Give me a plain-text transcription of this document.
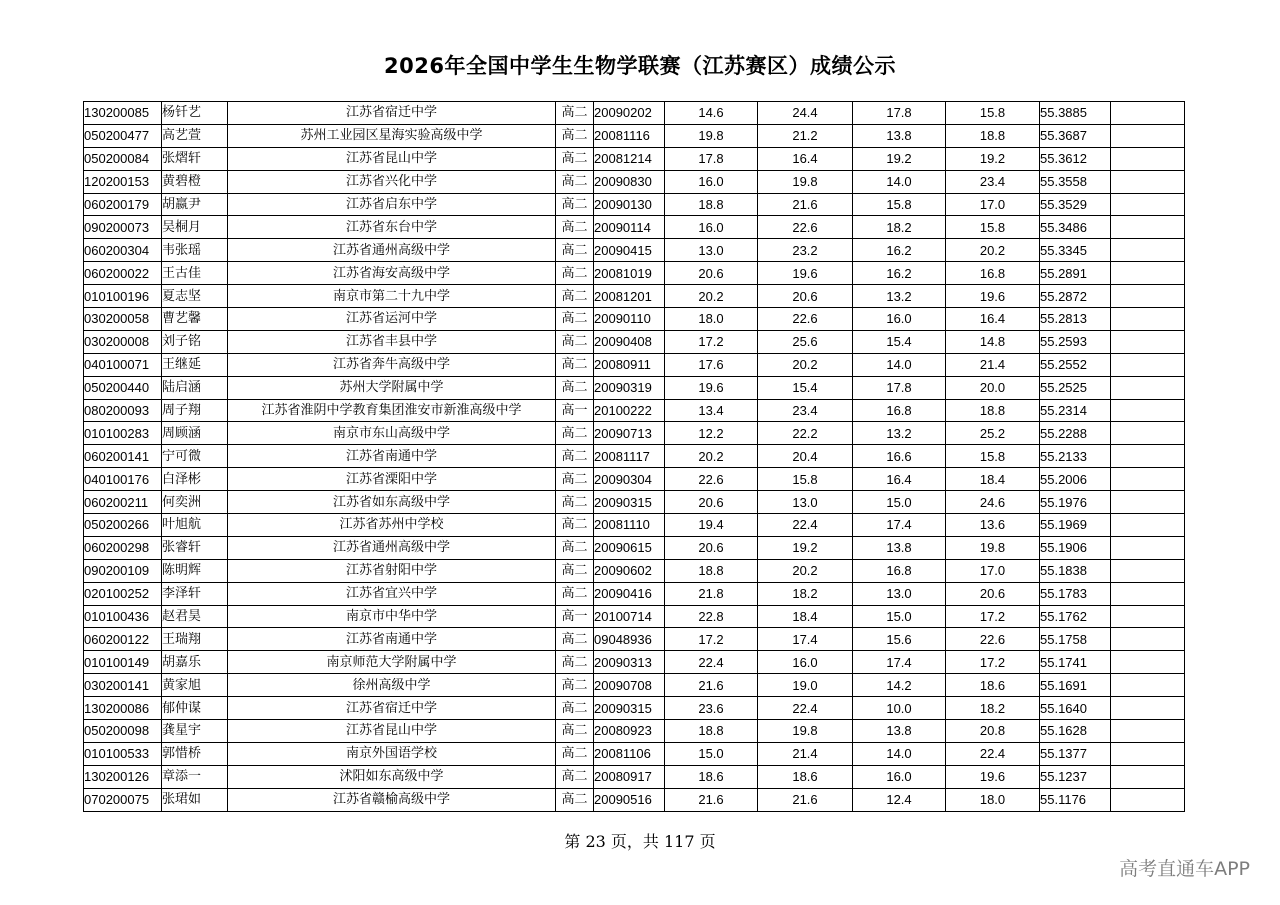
2026年全国中学生生物学联赛（江苏赛区）成绩公示
130200085	杨钎艺	江苏省宿迁中学	高二	20090202	14.6	24.4	17.8	15.8	55.3885	
050200477	高艺萱	苏州工业园区星海实验高级中学	高二	20081116	19.8	21.2	13.8	18.8	55.3687	
050200084	张熠轩	江苏省昆山中学	高二	20081214	17.8	16.4	19.2	19.2	55.3612	
120200153	黄碧橙	江苏省兴化中学	高二	20090830	16.0	19.8	14.0	23.4	55.3558	
060200179	胡嬴尹	江苏省启东中学	高二	20090130	18.8	21.6	15.8	17.0	55.3529	
090200073	吴桐月	江苏省东台中学	高二	20090114	16.0	22.6	18.2	15.8	55.3486	
060200304	韦张瑶	江苏省通州高级中学	高二	20090415	13.0	23.2	16.2	20.2	55.3345	
060200022	王古佳	江苏省海安高级中学	高二	20081019	20.6	19.6	16.2	16.8	55.2891	
010100196	夏志坚	南京市第二十九中学	高二	20081201	20.2	20.6	13.2	19.6	55.2872	
030200058	曹艺馨	江苏省运河中学	高二	20090110	18.0	22.6	16.0	16.4	55.2813	
030200008	刘子铭	江苏省丰县中学	高二	20090408	17.2	25.6	15.4	14.8	55.2593	
040100071	王继延	江苏省奔牛高级中学	高二	20080911	17.6	20.2	14.0	21.4	55.2552	
050200440	陆启涵	苏州大学附属中学	高二	20090319	19.6	15.4	17.8	20.0	55.2525	
080200093	周子翔	江苏省淮阴中学教育集团淮安市新淮高级中学	高一	20100222	13.4	23.4	16.8	18.8	55.2314	
010100283	周顾涵	南京市东山高级中学	高二	20090713	12.2	22.2	13.2	25.2	55.2288	
060200141	宁可微	江苏省南通中学	高二	20081117	20.2	20.4	16.6	15.8	55.2133	
040100176	白泽彬	江苏省溧阳中学	高二	20090304	22.6	15.8	16.4	18.4	55.2006	
060200211	何奕洲	江苏省如东高级中学	高二	20090315	20.6	13.0	15.0	24.6	55.1976	
050200266	叶旭航	江苏省苏州中学校	高二	20081110	19.4	22.4	17.4	13.6	55.1969	
060200298	张睿轩	江苏省通州高级中学	高二	20090615	20.6	19.2	13.8	19.8	55.1906	
090200109	陈明辉	江苏省射阳中学	高二	20090602	18.8	20.2	16.8	17.0	55.1838	
020100252	李泽轩	江苏省宜兴中学	高二	20090416	21.8	18.2	13.0	20.6	55.1783	
010100436	赵君昊	南京市中华中学	高一	20100714	22.8	18.4	15.0	17.2	55.1762	
060200122	王瑞翔	江苏省南通中学	高二	09048936	17.2	17.4	15.6	22.6	55.1758	
010100149	胡嘉乐	南京师范大学附属中学	高二	20090313	22.4	16.0	17.4	17.2	55.1741	
030200141	黄家旭	徐州高级中学	高二	20090708	21.6	19.0	14.2	18.6	55.1691	
130200086	郁仲谋	江苏省宿迁中学	高二	20090315	23.6	22.4	10.0	18.2	55.1640	
050200098	龚星宇	江苏省昆山中学	高二	20080923	18.8	19.8	13.8	20.8	55.1628	
010100533	郭惜桥	南京外国语学校	高二	20081106	15.0	21.4	14.0	22.4	55.1377	
130200126	章添一	沭阳如东高级中学	高二	20080917	18.6	18.6	16.0	19.6	55.1237	
070200075	张珺如	江苏省赣榆高级中学	高二	20090516	21.6	21.6	12.4	18.0	55.1176	
第 23 页，共 117 页
高考直通车APP
